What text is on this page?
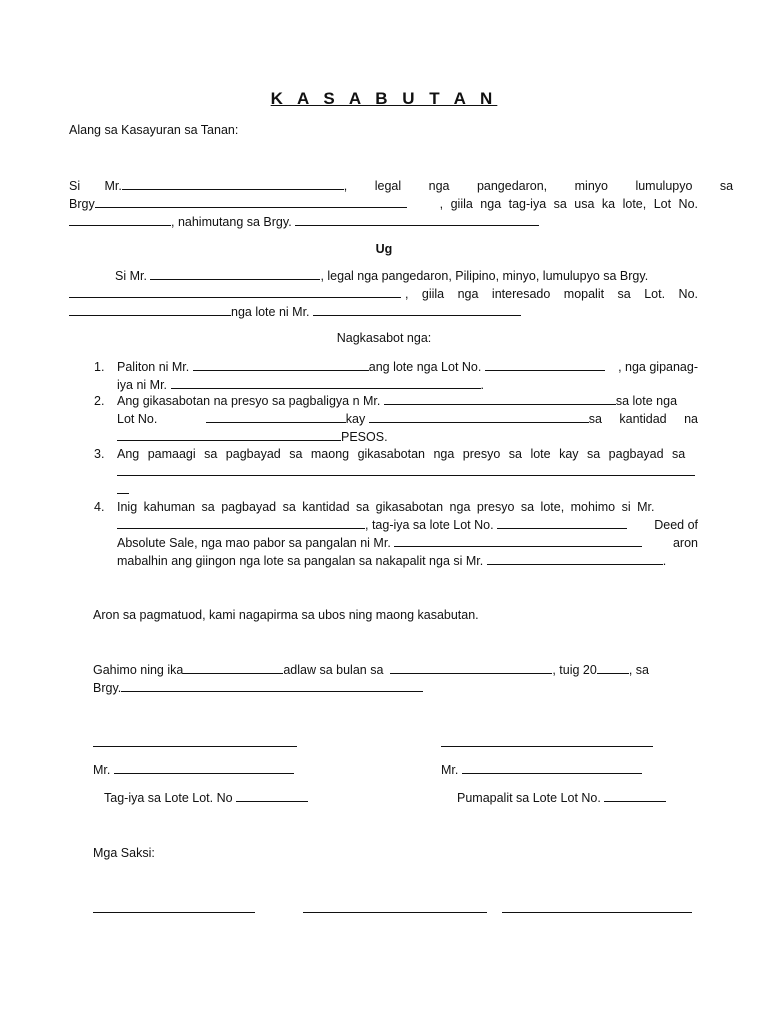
K A S A B U T A N
Alang sa Kasayuran sa Tanan:
Si Mr.	, legal nga pangedaron, minyo lumulupyo sa
Brgy	, giila nga tag-iya sa usa ka lote, Lot No.
, nahimutang sa Brgy.
Ug
Si Mr.	, legal nga pangedaron, Pilipino, minyo, lumulupyo sa Brgy.
, giila nga interesado mopalit sa Lot. No.
nga lote ni Mr.
Nagkasabot nga:
1. Paliton ni Mr.	ang lote nga Lot No.	, nga gipanag-
iya ni Mr.	.
2. Ang gikasabotan na presyo sa pagbaligya n Mr.	sa lote nga
Lot No.	kay	sa kantidad na
PESOS.
3. Ang pamaagi sa pagbayad sa maong gikasabotan nga presyo sa lote kay sa pagbayad sa
4. Inig kahuman sa pagbayad sa kantidad sa gikasabotan nga presyo sa lote, mohimo si Mr.
, tag-iya sa lote Lot No.	Deed of
Absolute Sale, nga mao pabor sa pangalan ni Mr.	aron
mabalhin ang giingon nga lote sa pangalan sa nakapalit nga si Mr.	.
Aron sa pagmatuod, kami nagapirma sa ubos ning maong kasabutan.
Gahimo ning ika	adlaw sa bulan sa	, tuig 20	, sa
Brgy.
Mr.	Mr.
Tag-iya sa Lote Lot. No	Pumapalit sa Lote Lot No.
Mga Saksi:
